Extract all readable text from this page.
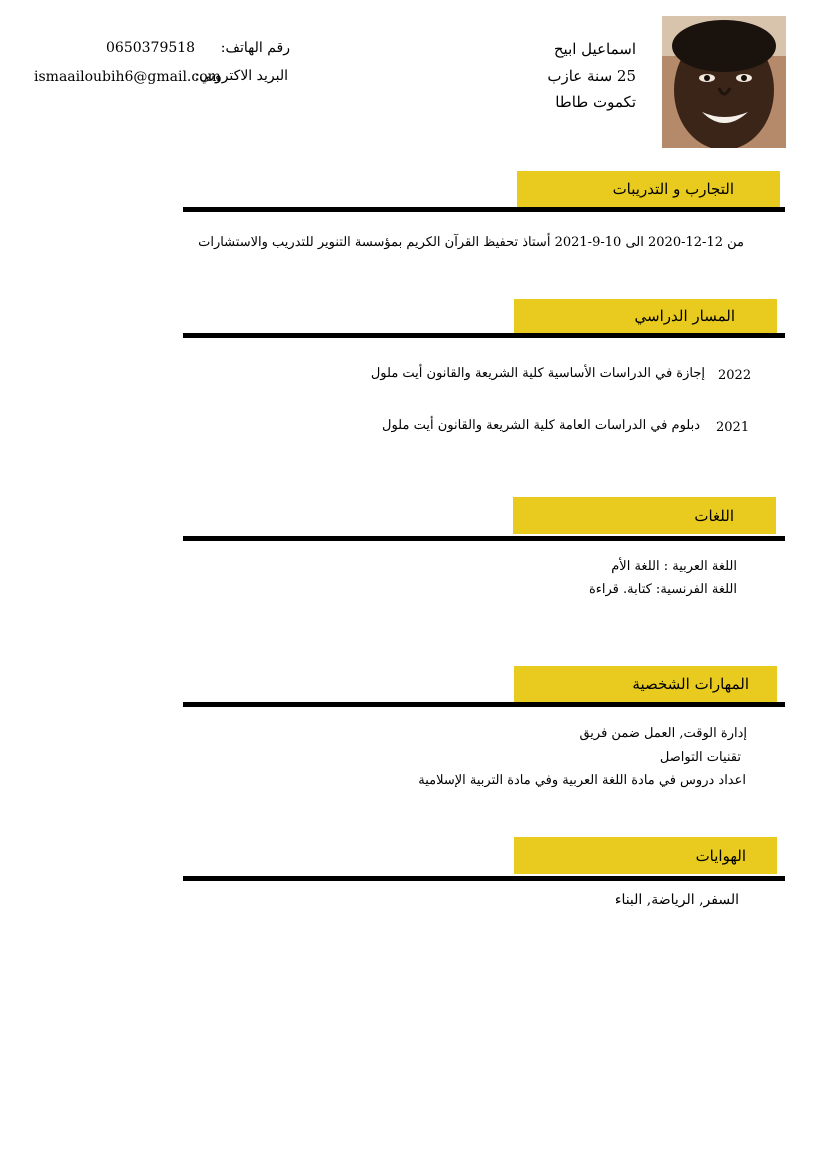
اسماعيل ابيح
25 سنة عازب
تكموت طاطا
رقم الهاتف:
0650379518
البريد الاكتروني:
ismaailoubih6@gmail.com
التجارب و التدريبات
من 12-12-2020 الى 10-9-2021 أستاذ تحفيظ القرآن الكريم بمؤسسة التنوير للتدريب والاستشارات
المسار الدراسي
2022
إجازة في الدراسات الأساسية كلية الشريعة والقانون أيت ملول
2021
دبلوم في الدراسات العامة كلية الشريعة والقانون أيت ملول
اللغات
اللغة العربية : اللغة الأم
اللغة الفرنسية: كتابة. قراءة
المهارات الشخصية
إدارة الوقت, العمل ضمن فريق
تقنيات التواصل
اعداد دروس في مادة اللغة العربية وفي مادة التربية الإسلامية
الهوايات
السفر, الرياضة, البناء
